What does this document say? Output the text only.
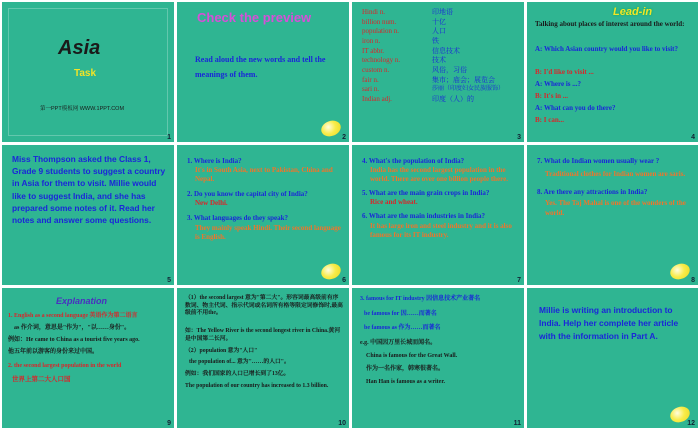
Asia
Task
第一PPT模板网 WWW.1PPT.COM
1
Check the preview
Read aloud the new words and tell the meanings of them.
2
Hindi n.	印地语
billion num.	十亿
population n.	人口
iron n.	铁
IT abbr.	信息技术
technology n.	技术
custom n.	风俗，习俗
fair n.	集市；庙会；展览会
sari n.	莎丽（印度妇女民族服饰）
Indian adj.	印度（人）的
3
Lead-in
Talking about places of interest around the world:
A: Which Asian country would you like to visit?
B: I'd like to visit ...
A: Where is ...?
B: It's in ...
A: What can you do there?
B: I can...
4
Miss Thompson asked the Class 1, Grade 9 students to suggest a country in Asia for them to visit. Millie would like to suggest India, and she has prepared some notes of it. Read her notes and answer some questions.
5
1. Where is India?
It's in South Asia, next to Pakistan, China and Nepal.
2. Do you know the capital city of India?
New Delhi.
3. What languages do they speak?
They mainly speak Hindi. Their second language is English.
6
4. What's the population of India?
India has the second largest population in the world. There are over one billion people there.
5. What are the main grain crops in India?
Rice and wheat.
6. What are the main industries in India?
It has large iron and steel industry and it is also famous for its IT industry.
7
7. What do Indian women usually wear ?
Traditional clothes for Indian women are saris.
8. Are there any attractions in India?
Yes. The Taj Mahal is one of the wonders of the world.
8
Explanation
1. English as a second language 英语作为第二语言
as 作介词，意思是"作为"，"以……身份"。
例如：He came to China as a tourist five years ago.
他五年前以游客的身份来过中国。
2. the second largest population in the world
世界上第二大人口国
9
（1）the second largest 意为"第二大"。形容词最高级前有序数词、物主代词、指示代词或名词所有格等限定词修饰时,最高级前不用the。
如：The Yellow River is the second longest river in China.黄河是中国第二长河。
（2）population 意为"人口"
the population of... 意为"……的人口"。
例如：我们国家的人口已增长到了13亿。
The population of our country has increased to 1.3 billion.
10
3. famous for IT industry 因信息技术产业著名
be famous for 因……而著名
be famous as 作为……而著名
e.g. 中国因万里长城而闻名。
China is famous for the Great Wall.
作为一名作家，韩寒很著名。
Han Han is famous as a writer.
11
Millie is writing an introduction to India. Help her complete her article with the information in Part A.
12
